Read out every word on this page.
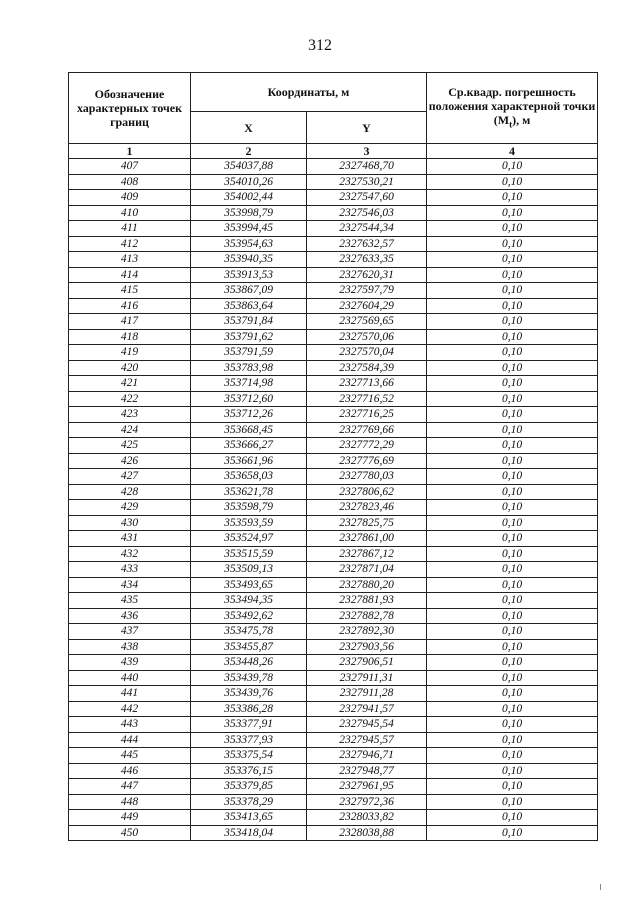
312
Обозначение характерных точек границ	Координаты, м		Ср.квадр. погрешность положения характерной точки $(M_t)$, м
	X	Y	
1	2	3	4
407	354037,88	2327468,70	0,10
408	354010,26	2327530,21	0,10
409	354002,44	2327547,60	0,10
410	353998,79	2327546,03	0,10
411	353994,45	2327544,34	0,10
412	353954,63	2327632,57	0,10
413	353940,35	2327633,35	0,10
414	353913,53	2327620,31	0,10
415	353867,09	2327597,79	0,10
416	353863,64	2327604,29	0,10
417	353791,84	2327569,65	0,10
418	353791,62	2327570,06	0,10
419	353791,59	2327570,04	0,10
420	353783,98	2327584,39	0,10
421	353714,98	2327713,66	0,10
422	353712,60	2327716,52	0,10
423	353712,26	2327716,25	0,10
424	353668,45	2327769,66	0,10
425	353666,27	2327772,29	0,10
426	353661,96	2327776,69	0,10
427	353658,03	2327780,03	0,10
428	353621,78	2327806,62	0,10
429	353598,79	2327823,46	0,10
430	353593,59	2327825,75	0,10
431	353524,97	2327861,00	0,10
432	353515,59	2327867,12	0,10
433	353509,13	2327871,04	0,10
434	353493,65	2327880,20	0,10
435	353494,35	2327881,93	0,10
436	353492,62	2327882,78	0,10
437	353475,78	2327892,30	0,10
438	353455,87	2327903,56	0,10
439	353448,26	2327906,51	0,10
440	353439,78	2327911,31	0,10
441	353439,76	2327911,28	0,10
442	353386,28	2327941,57	0,10
443	353377,91	2327945,54	0,10
444	353377,93	2327945,57	0,10
445	353375,54	2327946,71	0,10
446	353376,15	2327948,77	0,10
447	353379,85	2327961,95	0,10
448	353378,29	2327972,36	0,10
449	353413,65	2328033,82	0,10
450	353418,04	2328038,88	0,10
